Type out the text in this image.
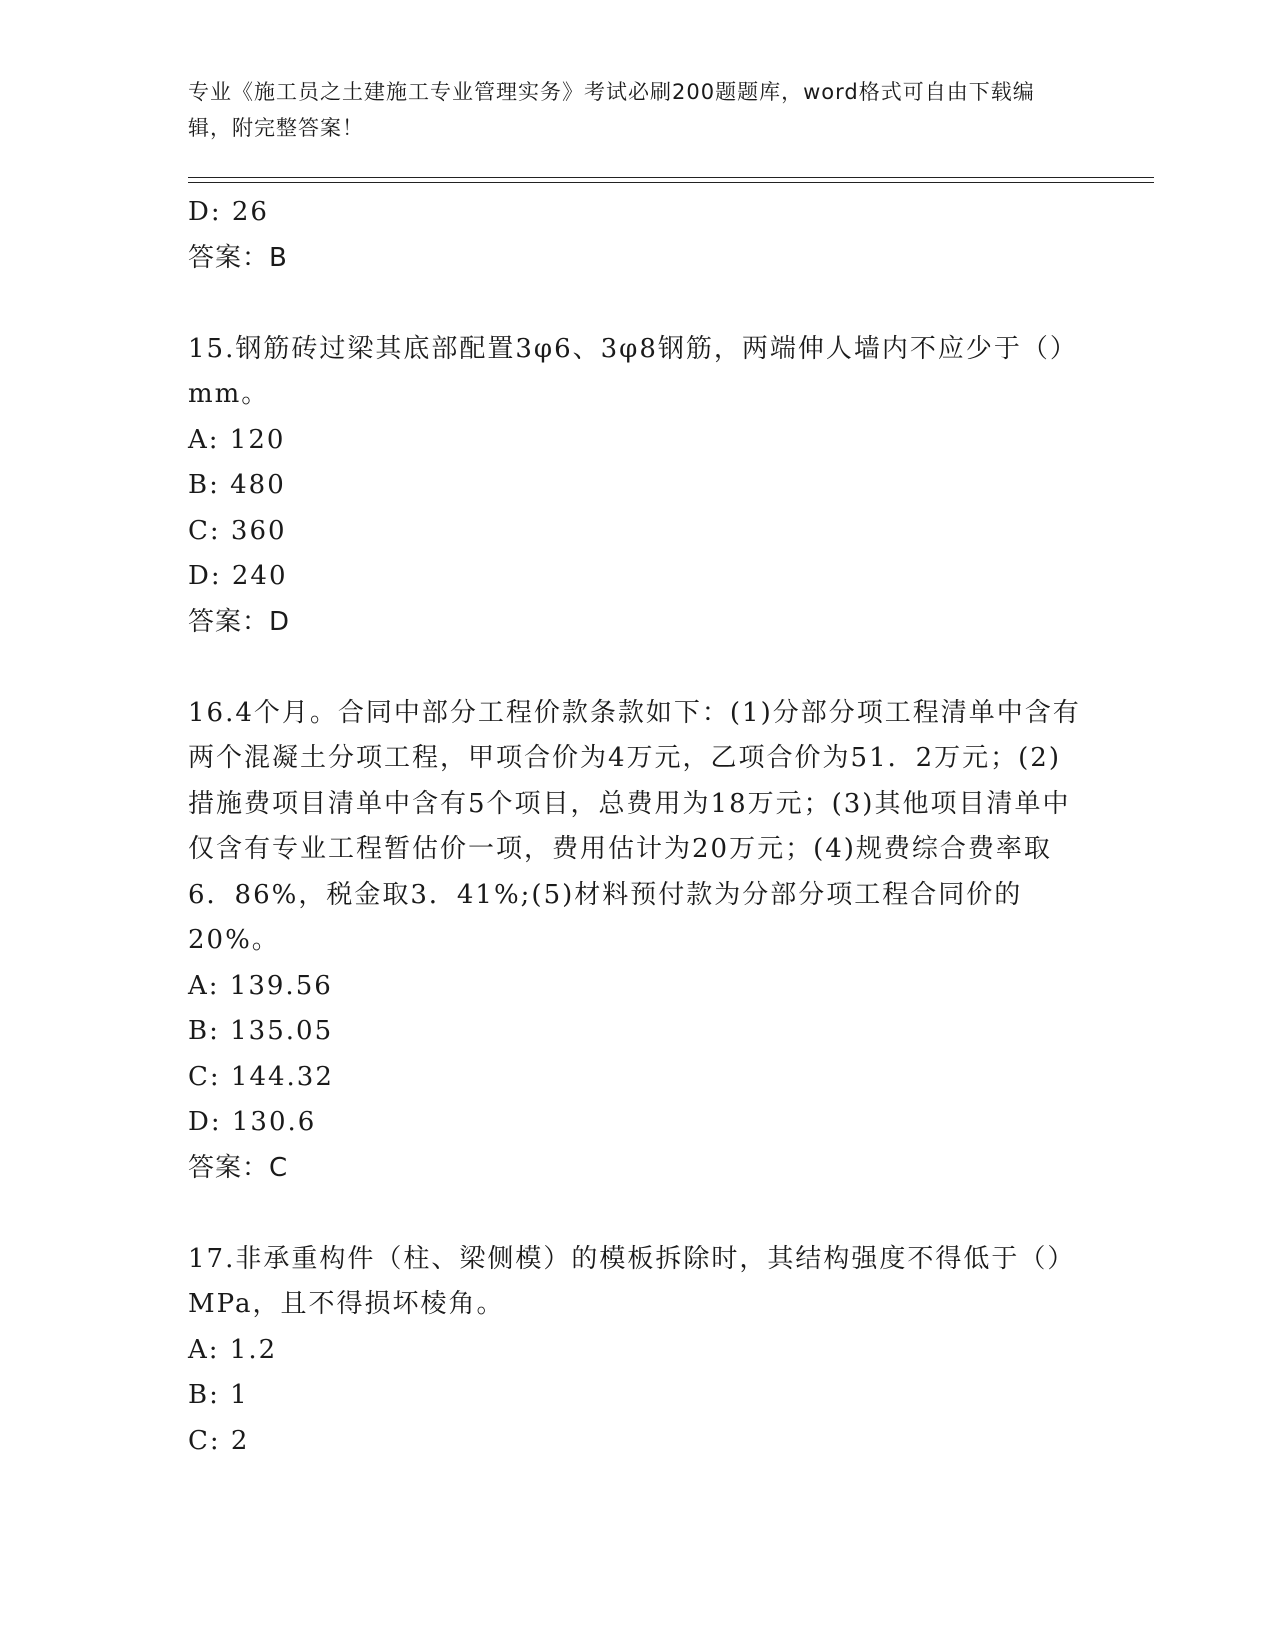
专业《施工员之土建施工专业管理实务》考试必刷200题题库，word格式可自由下载编辑，附完整答案！
D: 26
答案：B
15.钢筋砖过梁其底部配置3φ6、3φ8钢筋，两端伸人墙内不应少于（）mm。
A: 120
B: 480
C: 360
D: 240
答案：D
16.4个月。合同中部分工程价款条款如下：(1)分部分项工程清单中含有两个混凝土分项工程，甲项合价为4万元，乙项合价为51．2万元；(2)措施费项目清单中含有5个项目，总费用为18万元；(3)其他项目清单中仅含有专业工程暂估价一项，费用估计为20万元；(4)规费综合费率取6．86%，税金取3．41%;(5)材料预付款为分部分项工程合同价的20%。
A: 139.56
B: 135.05
C: 144.32
D: 130.6
答案：C
17.非承重构件（柱、梁侧模）的模板拆除时，其结构强度不得低于（）MPa，且不得损坏棱角。
A: 1.2
B: 1
C: 2
